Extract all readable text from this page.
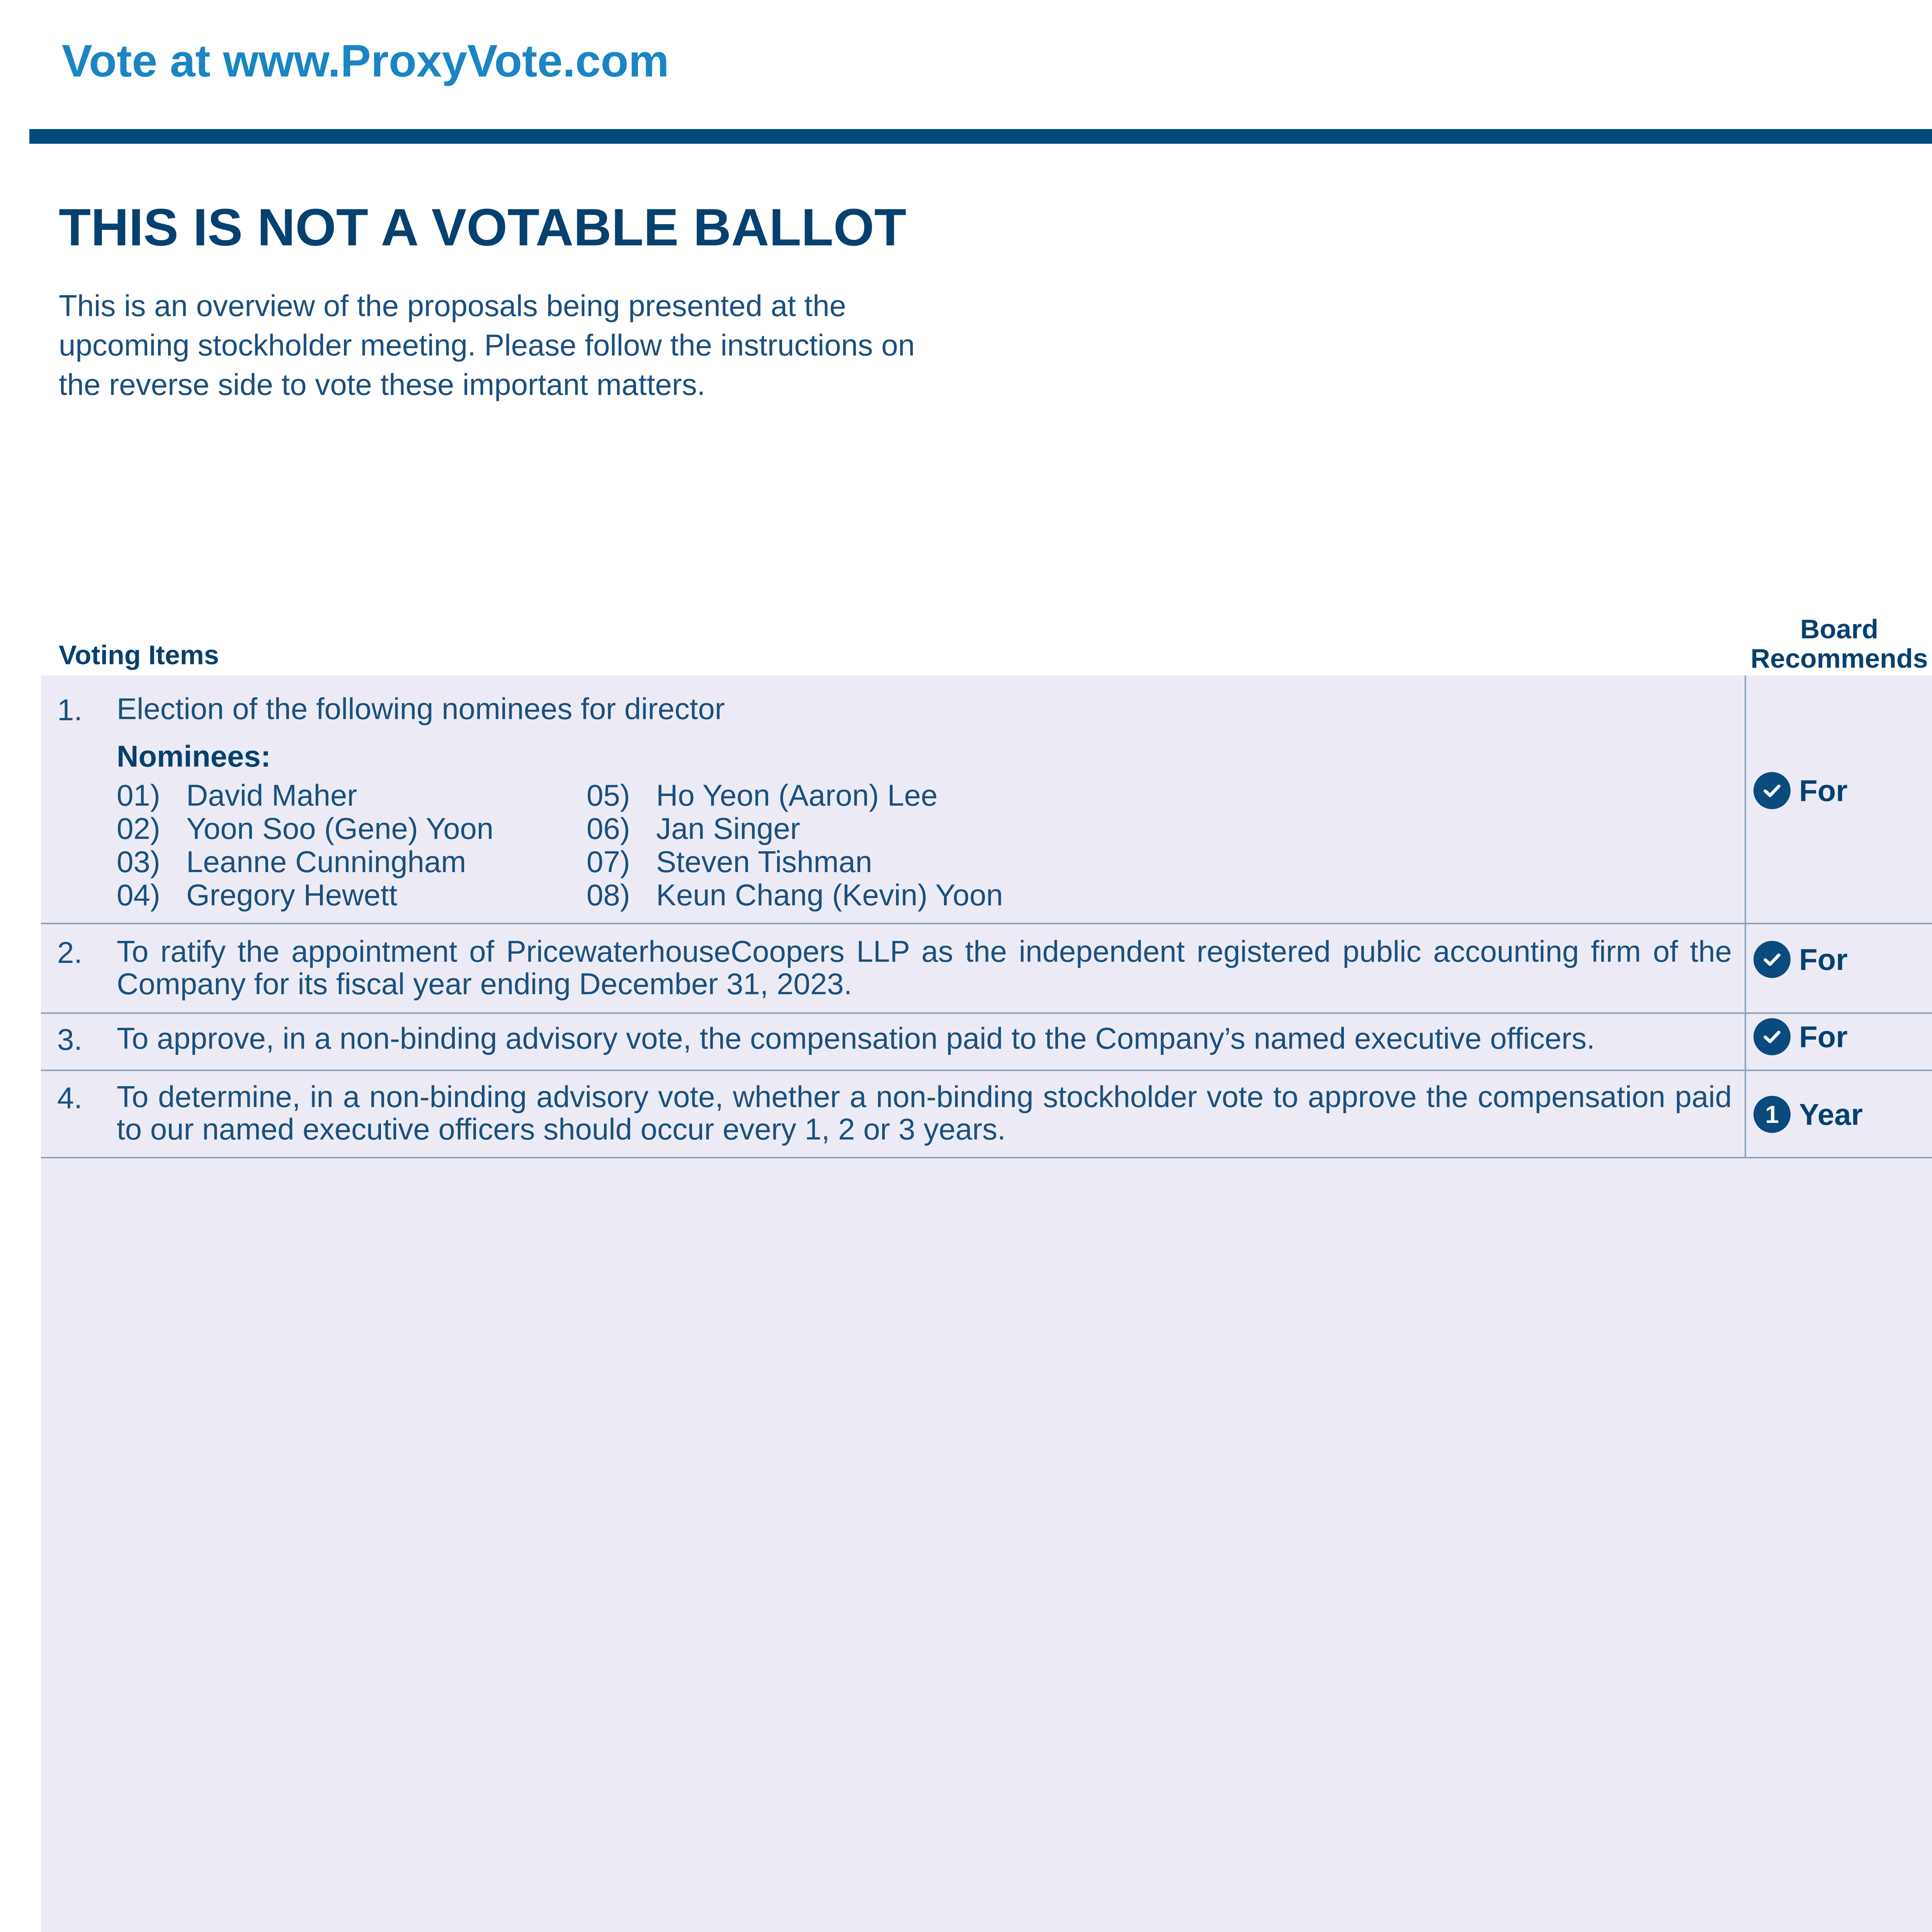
Vote at www.ProxyVote.com
THIS IS NOT A VOTABLE BALLOT
This is an overview of the proposals being presented at the
upcoming stockholder meeting. Please follow the instructions on
the reverse side to vote these important matters.
Voting Items
Board
Recommends
1. Election of the following nominees for director
Nominees:
01) David Maher
02) Yoon Soo (Gene) Yoon
03) Leanne Cunningham
04) Gregory Hewett
05) Ho Yeon (Aaron) Lee
06) Jan Singer
07) Steven Tishman
08) Keun Chang (Kevin) Yoon
For
2. To ratify the appointment of PricewaterhouseCoopers LLP as the independent registered public accounting firm of the Company for its fiscal year ending December 31, 2023.
For
3. To approve, in a non-binding advisory vote, the compensation paid to the Company’s named executive officers.	For
4. To determine, in a non-binding advisory vote, whether a non-binding stockholder vote to approve the compensation paid to our named executive officers should occur every 1, 2 or 3 years.	1 Year
